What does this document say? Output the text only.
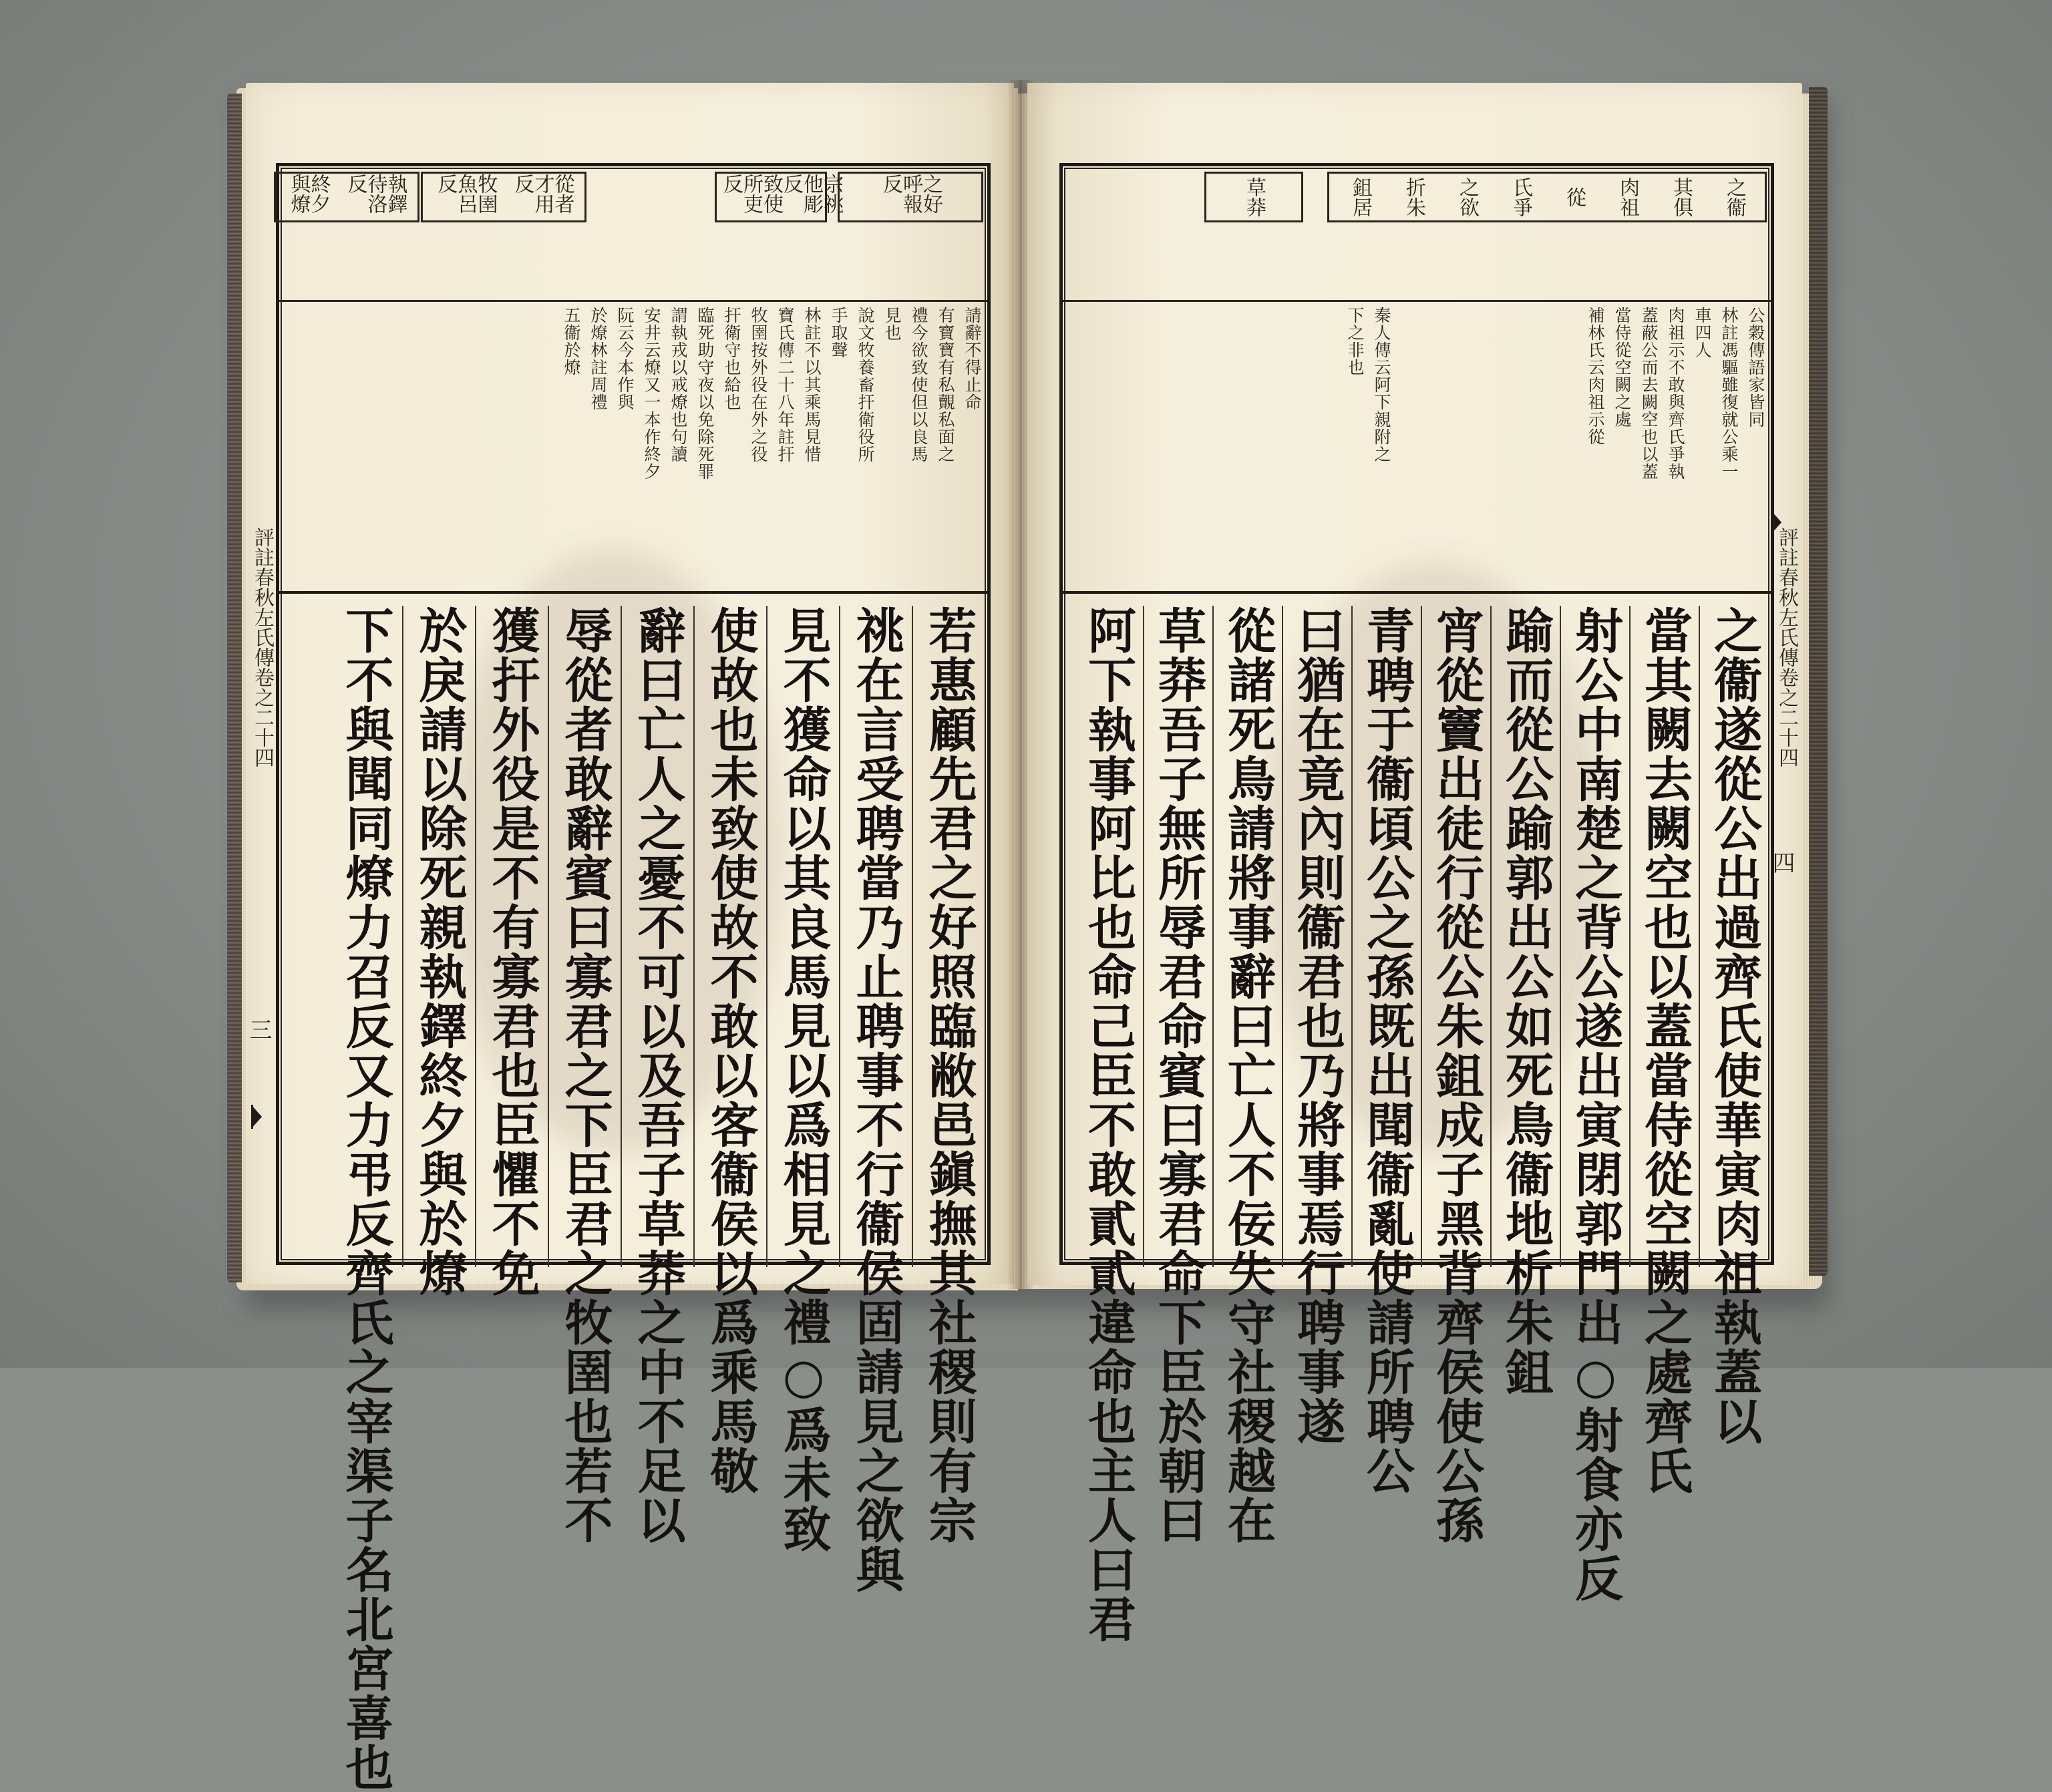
評註春秋左氏傳卷之二十四
三
之好呼報反
宗祧他彫反
致使所吏反
從者才用反
牧圉魚呂反
執鐸待洛反
終夕與燎
請辭不得止命
有寶寶有私覿私面之
禮今欲致使但以良馬
見也
說文牧養畜扞衛役所
手取聲
林註不以其乘馬見惜
寶氏傳二十八年註扞
牧圉按外役在外之役
扞衛守也給也
臨死助守夜以免除死罪
謂執戎以戒燎也句讀
安井云燎又一本作終夕
阮云今本作與
於燎林註周禮
五衞於燎
若惠顧先君之好照臨敝邑鎭撫其社稷則有宗
祧在言受聘當乃止聘事不行衞侯固請見之欲與
見不獲命以其良馬見以爲相見之禮○爲未致
使故也未致使故不敢以客衞侯以爲乘馬敬
辭曰亡人之憂不可以及吾子草莽之中不足以
辱從者敢辭賓曰寡君之下臣君之牧圉也若不
獲扞外役是不有寡君也臣懼不免
於戾請以除死親執鐸終夕與於燎
下不與聞同燎力召反又力弔反齊氏之宰渠子名北宮喜也	評註春秋左氏傳卷之二十四
四
之衞
其俱
肉祖
從
氏爭
之欲
折朱
鉏居
草莽
公穀傳語家皆同
林註馮驅雖復就公乘一
車四人
肉祖示不敢與齊氏爭執
蓋蔽公而去闕空也以蓋
當侍從空闕之處
補林氏云肉祖示從
秦人傳云阿下親附之
下之非也
之衞遂從公出過齊氏使華寅肉祖執蓋以
當其闕去闕空也以蓋當侍從空闕之處齊氏
射公中南楚之背公遂出寅閉郭門出○射食亦反
踰而從公踰郭出公如死鳥衞地析朱鉏
宵從竇出徒行從公朱鉏成子黑背齊侯使公孫
青聘于衞頃公之孫既出聞衞亂使請所聘公
曰猶在竟內則衞君也乃將事焉行聘事遂
從諸死鳥請將事辭曰亡人不佞失守社稷越在
草莽吾子無所辱君命賓曰寡君命下臣於朝曰
阿下執事阿比也命己臣不敢貳貳違命也主人曰君
